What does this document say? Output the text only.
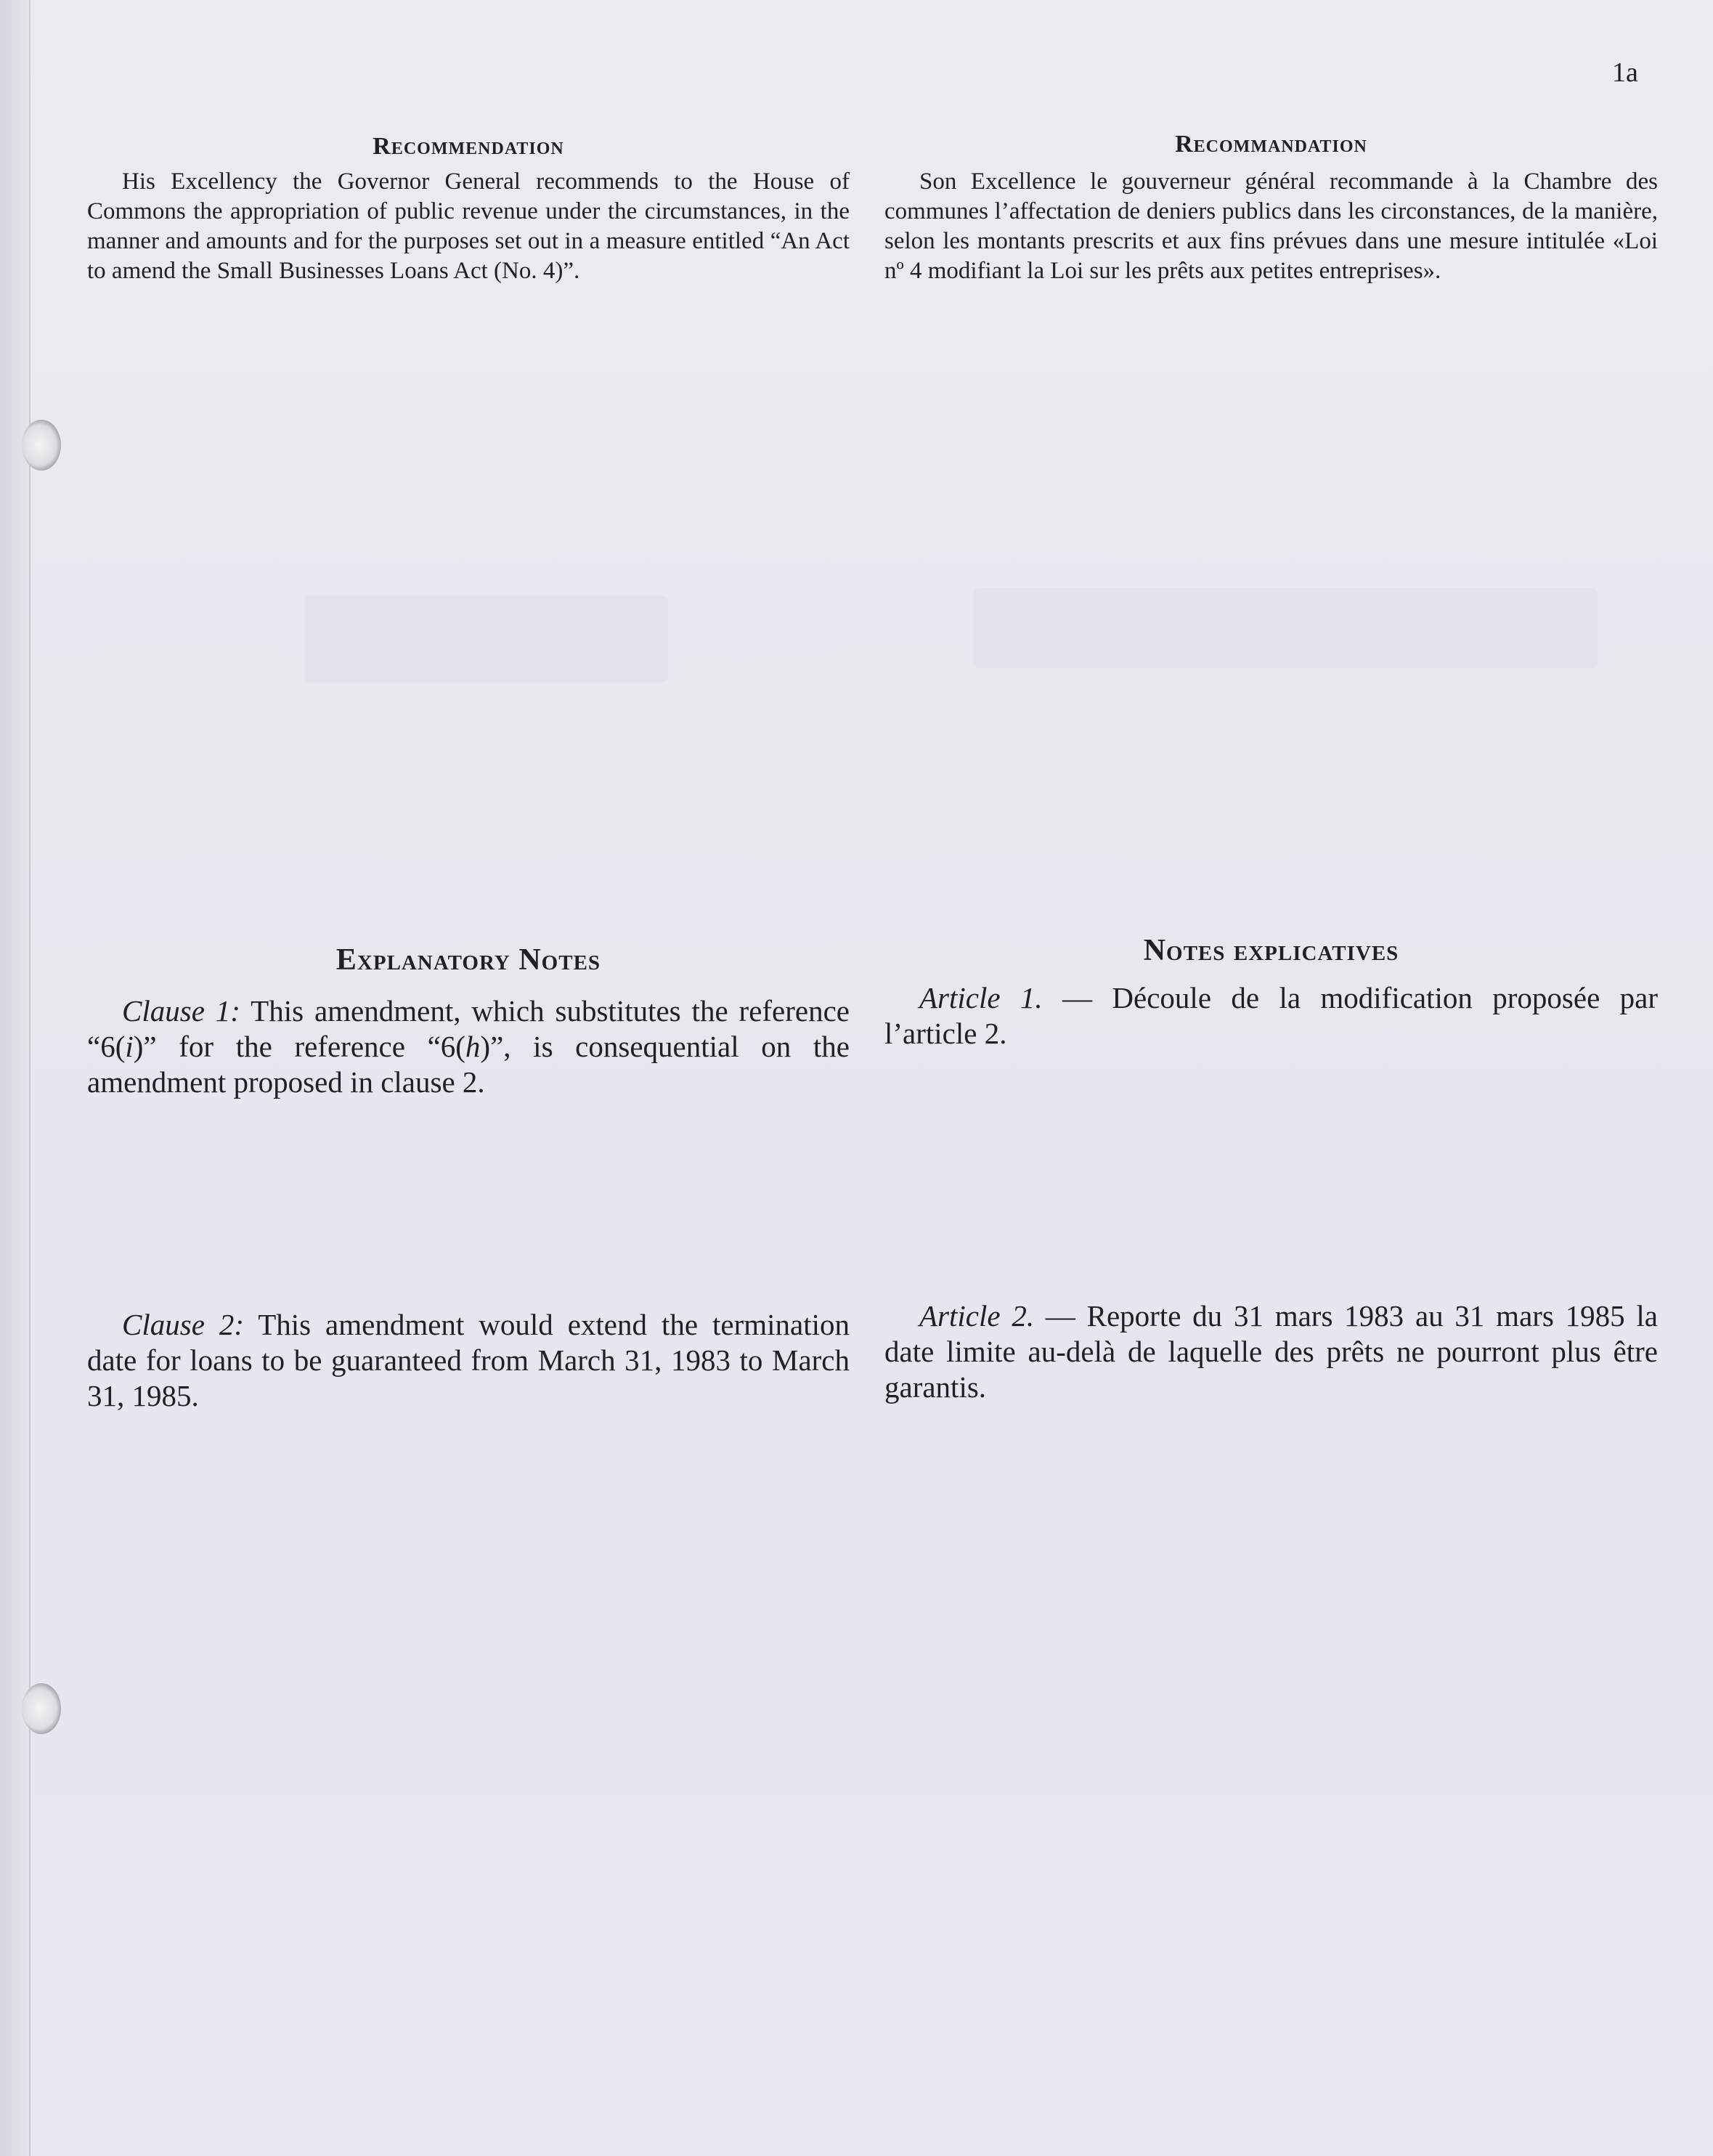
1a
Recommendation

His Excellency the Governor General recommends to the House of Commons the appropriation of public revenue under the circumstances, in the manner and amounts and for the purposes set out in a measure entitled “An Act to amend the Small Businesses Loans Act (No. 4)”.

Explanatory Notes

Clause 1: This amendment, which substitutes the reference “6(i)” for the reference “6(h)”, is consequential on the amendment proposed in clause 2.

Clause 2: This amendment would extend the termination date for loans to be guaranteed from March 31, 1983 to March 31, 1985.

Recommandation

Son Excellence le gouverneur général recommande à la Chambre des communes l’affectation de deniers publics dans les circonstances, de la manière, selon les montants prescrits et aux fins prévues dans une mesure intitulée «Loi nº 4 modifiant la Loi sur les prêts aux petites entreprises».

Notes explicatives

Article 1. — Découle de la modification proposée par l’article 2.

Article 2. — Reporte du 31 mars 1983 au 31 mars 1985 la date limite au-delà de laquelle des prêts ne pourront plus être garantis.
